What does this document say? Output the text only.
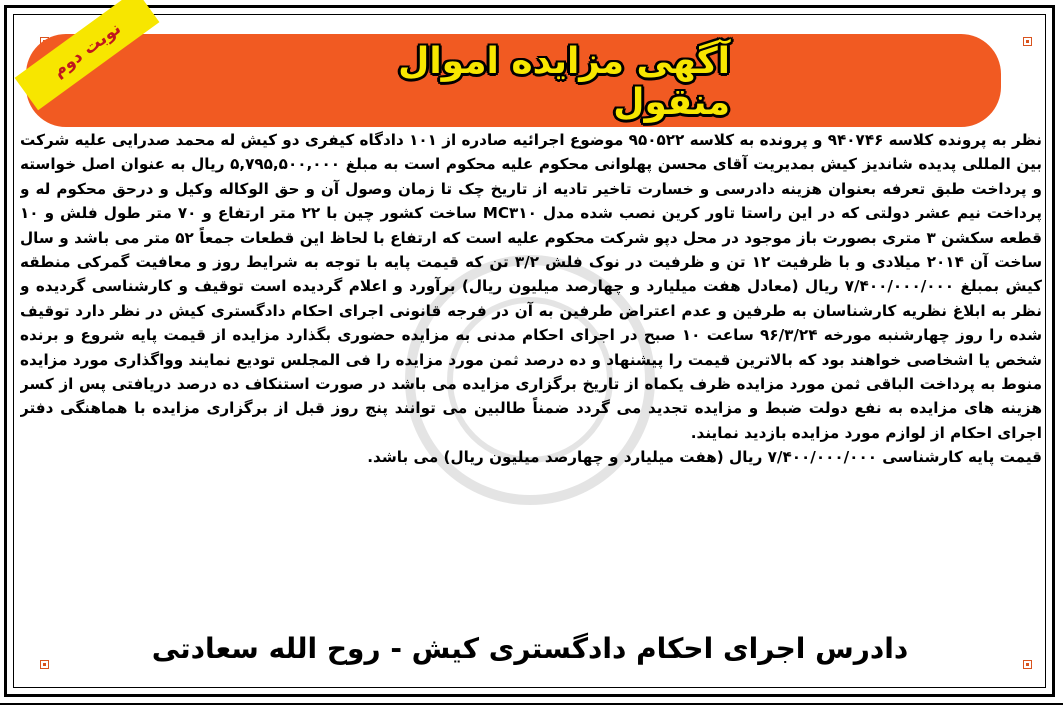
آگهی مزایده اموال منقول
نوبت دوم

نظر به پرونده کلاسه ۹۴۰۷۴۶ و پرونده به کلاسه ۹۵۰۵۲۲ موضوع اجرائیه صادره از ۱۰۱ دادگاه کیفری دو کیش له محمد صدرایی علیه شرکت بین المللی پدیده شاندیز کیش بمدیریت آقای محسن پهلوانی محکوم علیه محکوم است به مبلغ ۵,۷۹۵,۵۰۰,۰۰۰ ریال به عنوان اصل خواسته و پرداخت طبق تعرفه بعنوان هزینه دادرسی و خسارت تاخیر تادیه از تاریخ چک تا زمان وصول آن و حق الوکاله وکیل و درحق محکوم له و پرداخت نیم عشر دولتی که در این راستا تاور کرین نصب شده مدل MC۳۱۰ ساخت کشور چین با ۲۲ متر ارتفاع و ۷۰ متر طول فلش و ۱۰ قطعه سکشن ۳ متری بصورت باز موجود در محل دپو شرکت محکوم علیه است که ارتفاع با لحاظ این قطعات جمعاً ۵۲ متر می باشد و سال ساخت آن ۲۰۱۴ میلادی و با ظرفیت ۱۲ تن و ظرفیت در نوک فلش ۳/۲ تن که قیمت پایه با توجه به شرایط روز و معافیت گمرکی منطقه کیش بمبلغ ۷/۴۰۰/۰۰۰/۰۰۰ ریال (معادل هفت میلیارد و چهارصد میلیون ریال) برآورد و اعلام گردیده است توقیف و کارشناسی گردیده و نظر به ابلاغ نظریه کارشناسان به طرفین و عدم اعتراض طرفین به آن در فرجه قانونی اجرای احکام دادگستری کیش در نظر دارد توقیف شده را روز چهارشنبه مورخه ۹۶/۳/۲۴ ساعت ۱۰ صبح در اجرای احکام مدنی به مزایده حضوری بگذارد مزایده از قیمت پایه شروع و برنده شخص یا اشخاصی خواهند بود که بالاترین قیمت را پیشنهاد و ده درصد ثمن مورد مزایده را فی المجلس تودیع نمایند وواگذاری مورد مزایده منوط به پرداخت الباقی ثمن مورد مزایده ظرف یکماه از تاریخ برگزاری مزایده می باشد در صورت استنکاف ده درصد دریافتی پس از کسر هزینه های مزایده به نفع دولت ضبط و مزایده تجدید می گردد ضمناً طالبین می توانند پنج روز قبل از برگزاری مزایده با هماهنگی دفتر اجرای احکام از لوازم مورد مزایده بازدید نمایند.

قیمت پایه کارشناسی ۷/۴۰۰/۰۰۰/۰۰۰ ریال (هفت میلیارد و چهارصد میلیون ریال) می باشد.

دادرس اجرای احکام دادگستری کیش - روح الله سعادتی
